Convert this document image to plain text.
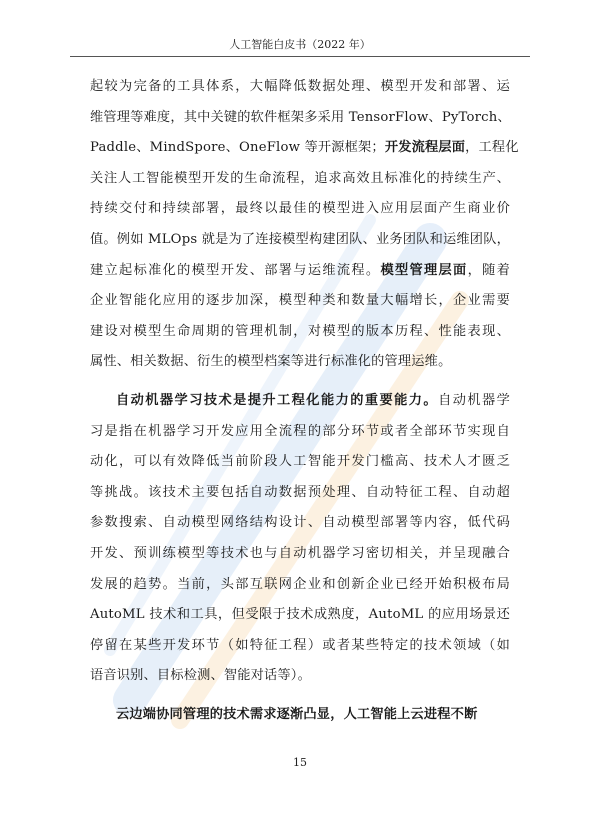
人工智能白皮书（2022 年）
起较为完备的工具体系，大幅降低数据处理、模型开发和部署、运
维管理等难度，其中关键的软件框架多采用 TensorFlow、PyTorch、
Paddle、MindSpore、OneFlow 等开源框架；开发流程层面，工程化
关注人工智能模型开发的生命流程，追求高效且标准化的持续生产、
持续交付和持续部署，最终以最佳的模型进入应用层面产生商业价
值。例如 MLOps 就是为了连接模型构建团队、业务团队和运维团队，
建立起标准化的模型开发、部署与运维流程。模型管理层面，随着
企业智能化应用的逐步加深，模型种类和数量大幅增长，企业需要
建设对模型生命周期的管理机制，对模型的版本历程、性能表现、
属性、相关数据、衍生的模型档案等进行标准化的管理运维。
自动机器学习技术是提升工程化能力的重要能力。自动机器学
习是指在机器学习开发应用全流程的部分环节或者全部环节实现自
动化，可以有效降低当前阶段人工智能开发门槛高、技术人才匮乏
等挑战。该技术主要包括自动数据预处理、自动特征工程、自动超
参数搜索、自动模型网络结构设计、自动模型部署等内容，低代码
开发、预训练模型等技术也与自动机器学习密切相关，并呈现融合
发展的趋势。当前，头部互联网企业和创新企业已经开始积极布局
AutoML 技术和工具，但受限于技术成熟度，AutoML 的应用场景还
停留在某些开发环节（如特征工程）或者某些特定的技术领域（如
语音识别、目标检测、智能对话等）。
云边端协同管理的技术需求逐渐凸显，人工智能上云进程不断
15
